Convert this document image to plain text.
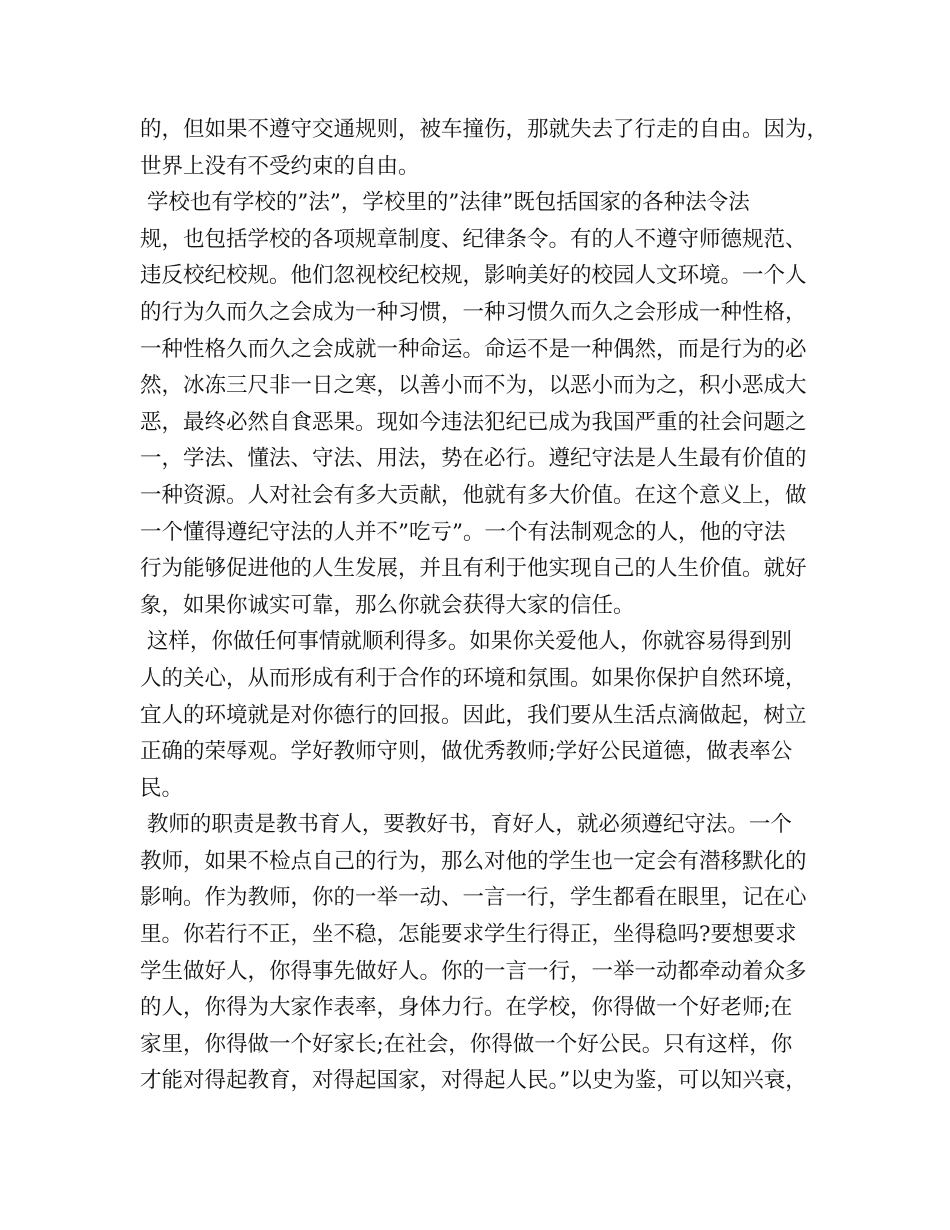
的，但如果不遵守交通规则，被车撞伤，那就失去了行走的自由。因为，
世界上没有不受约束的自由。
学校也有学校的”法”，学校里的”法律”既包括国家的各种法令法
规，也包括学校的各项规章制度、纪律条令。有的人不遵守师德规范、
违反校纪校规。他们忽视校纪校规，影响美好的校园人文环境。一个人
的行为久而久之会成为一种习惯，一种习惯久而久之会形成一种性格，
一种性格久而久之会成就一种命运。命运不是一种偶然，而是行为的必
然，冰冻三尺非一日之寒，以善小而不为，以恶小而为之，积小恶成大
恶，最终必然自食恶果。现如今违法犯纪已成为我国严重的社会问题之
一，学法、懂法、守法、用法，势在必行。遵纪守法是人生最有价值的
一种资源。人对社会有多大贡献，他就有多大价值。在这个意义上，做
一个懂得遵纪守法的人并不”吃亏”。一个有法制观念的人，他的守法
行为能够促进他的人生发展，并且有利于他实现自己的人生价值。就好
象，如果你诚实可靠，那么你就会获得大家的信任。
这样，你做任何事情就顺利得多。如果你关爱他人，你就容易得到别
人的关心，从而形成有利于合作的环境和氛围。如果你保护自然环境，
宜人的环境就是对你德行的回报。因此，我们要从生活点滴做起，树立
正确的荣辱观。学好教师守则，做优秀教师;学好公民道德，做表率公
民。
教师的职责是教书育人，要教好书，育好人，就必须遵纪守法。一个
教师，如果不检点自己的行为，那么对他的学生也一定会有潜移默化的
影响。作为教师，你的一举一动、一言一行，学生都看在眼里，记在心
里。你若行不正，坐不稳，怎能要求学生行得正，坐得稳吗?要想要求
学生做好人，你得事先做好人。你的一言一行，一举一动都牵动着众多
的人，你得为大家作表率，身体力行。在学校，你得做一个好老师;在
家里，你得做一个好家长;在社会，你得做一个好公民。只有这样，你
才能对得起教育，对得起国家，对得起人民。”以史为鉴，可以知兴衰，
